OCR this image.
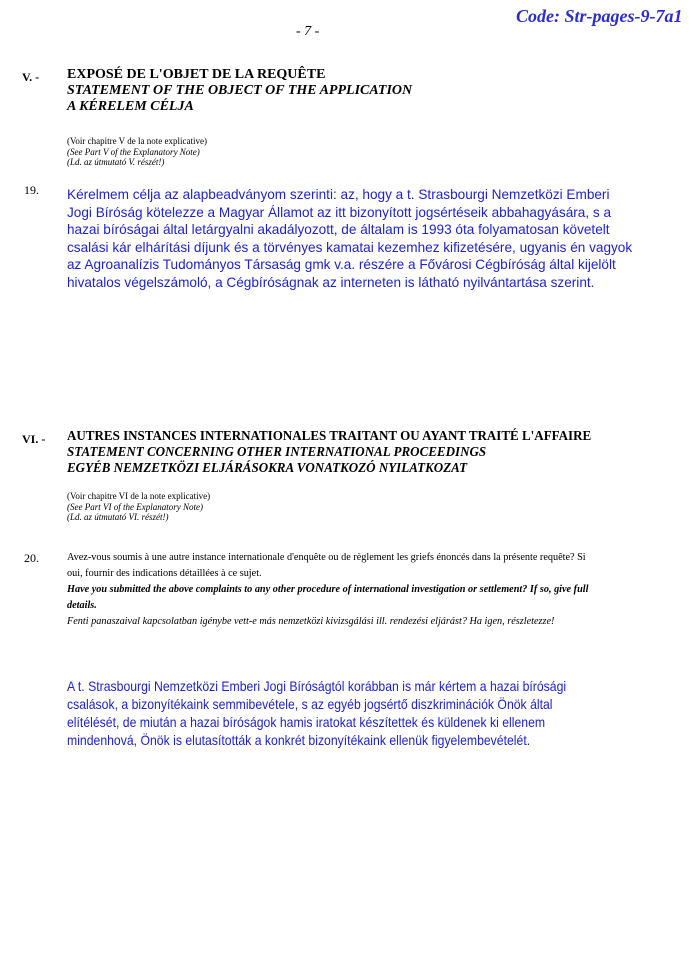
Code: Str-pages-9-7a1
- 7 -
V. - EXPOSÉ DE L'OBJET DE LA REQUÊTE
STATEMENT OF THE OBJECT OF THE APPLICATION
A KÉRELEM CÉLJA
(Voir chapitre V de la note explicative)
(See Part V of the Explanatory Note)
(Ld. az útmutató V. részét!)
19. Kérelmem célja az alapbeadványom szerinti: az, hogy a t. Strasbourgi Nemzetközi Emberi
Jogi Bíróság kötelezze a Magyar Államot az itt bizonyított jogsértéseik abbahagyására, s a
hazai bíróságai által letárgyalni akadályozott, de általam is 1993 óta folyamatosan követelt
csalási kár elhárítási díjunk és a törvényes kamatai kezemhez kifizetésére, ugyanis én vagyok
az Agroanalízis Tudományos Társaság gmk v.a. részére a Fővárosi Cégbíróság által kijelölt
hivatalos végelszámoló, a Cégbíróságnak az interneten is látható nyilvántartása szerint.
VI. - AUTRES INSTANCES INTERNATIONALES TRAITANT OU AYANT TRAITÉ L'AFFAIRE
STATEMENT CONCERNING OTHER INTERNATIONAL PROCEEDINGS
EGYÉB NEMZETKÖZI ELJÁRÁSOKRA VONATKOZÓ NYILATKOZAT
(Voir chapitre VI de la note explicative)
(See Part VI of the Explanatory Note)
(Ld. az útmutató VI. részét!)
20.	Avez-vous soumis à une autre instance internationale d'enquête ou de règlement les griefs énoncés dans la présente requête? Si
oui, fournir des indications détaillées à ce sujet.
Have you submitted the above complaints to any other procedure of international investigation or settlement? If so, give full
details.
Fenti panaszaival kapcsolatban igénybe vett-e más nemzetközi kivizsgálási ill. rendezési eljárást? Ha igen, részletezze!
A t. Strasbourgi Nemzetközi Emberi Jogi Bíróságtól korábban is már kértem a hazai bírósági
csalások, a bizonyítékaink semmibevétele, s az egyéb jogsértő diszkriminációk Önök által
elítélését, de miután a hazai bíróságok hamis iratokat készítettek és küldenek ki ellenem
mindenhová, Önök is elutasították a konkrét bizonyítékaink ellenük figyelembevételét.
